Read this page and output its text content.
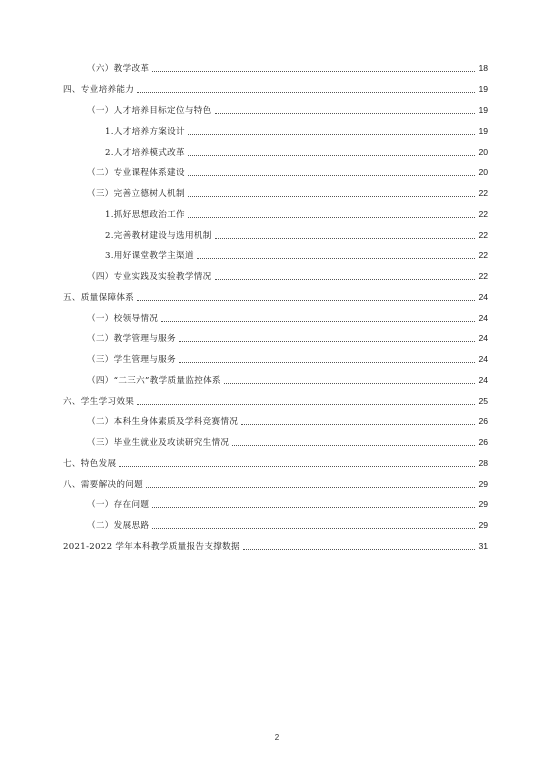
（六）教学改革	18
四、专业培养能力	19
（一）人才培养目标定位与特色	19
1.人才培养方案设计	19
2.人才培养模式改革	20
（二）专业课程体系建设	20
（三）完善立德树人机制	22
1.抓好思想政治工作	22
2.完善教材建设与选用机制	22
3.用好课堂教学主渠道	22
（四）专业实践及实验教学情况	22
五、质量保障体系	24
（一）校领导情况	24
（二）教学管理与服务	24
（三）学生管理与服务	24
（四）“二三六”教学质量监控体系	24
六、学生学习效果	25
（二）本科生身体素质及学科竞赛情况	26
（三）毕业生就业及攻读研究生情况	26
七、特色发展	28
八、需要解决的问题	29
（一）存在问题	29
（二）发展思路	29
2021-2022 学年本科教学质量报告支撑数据	31
2
